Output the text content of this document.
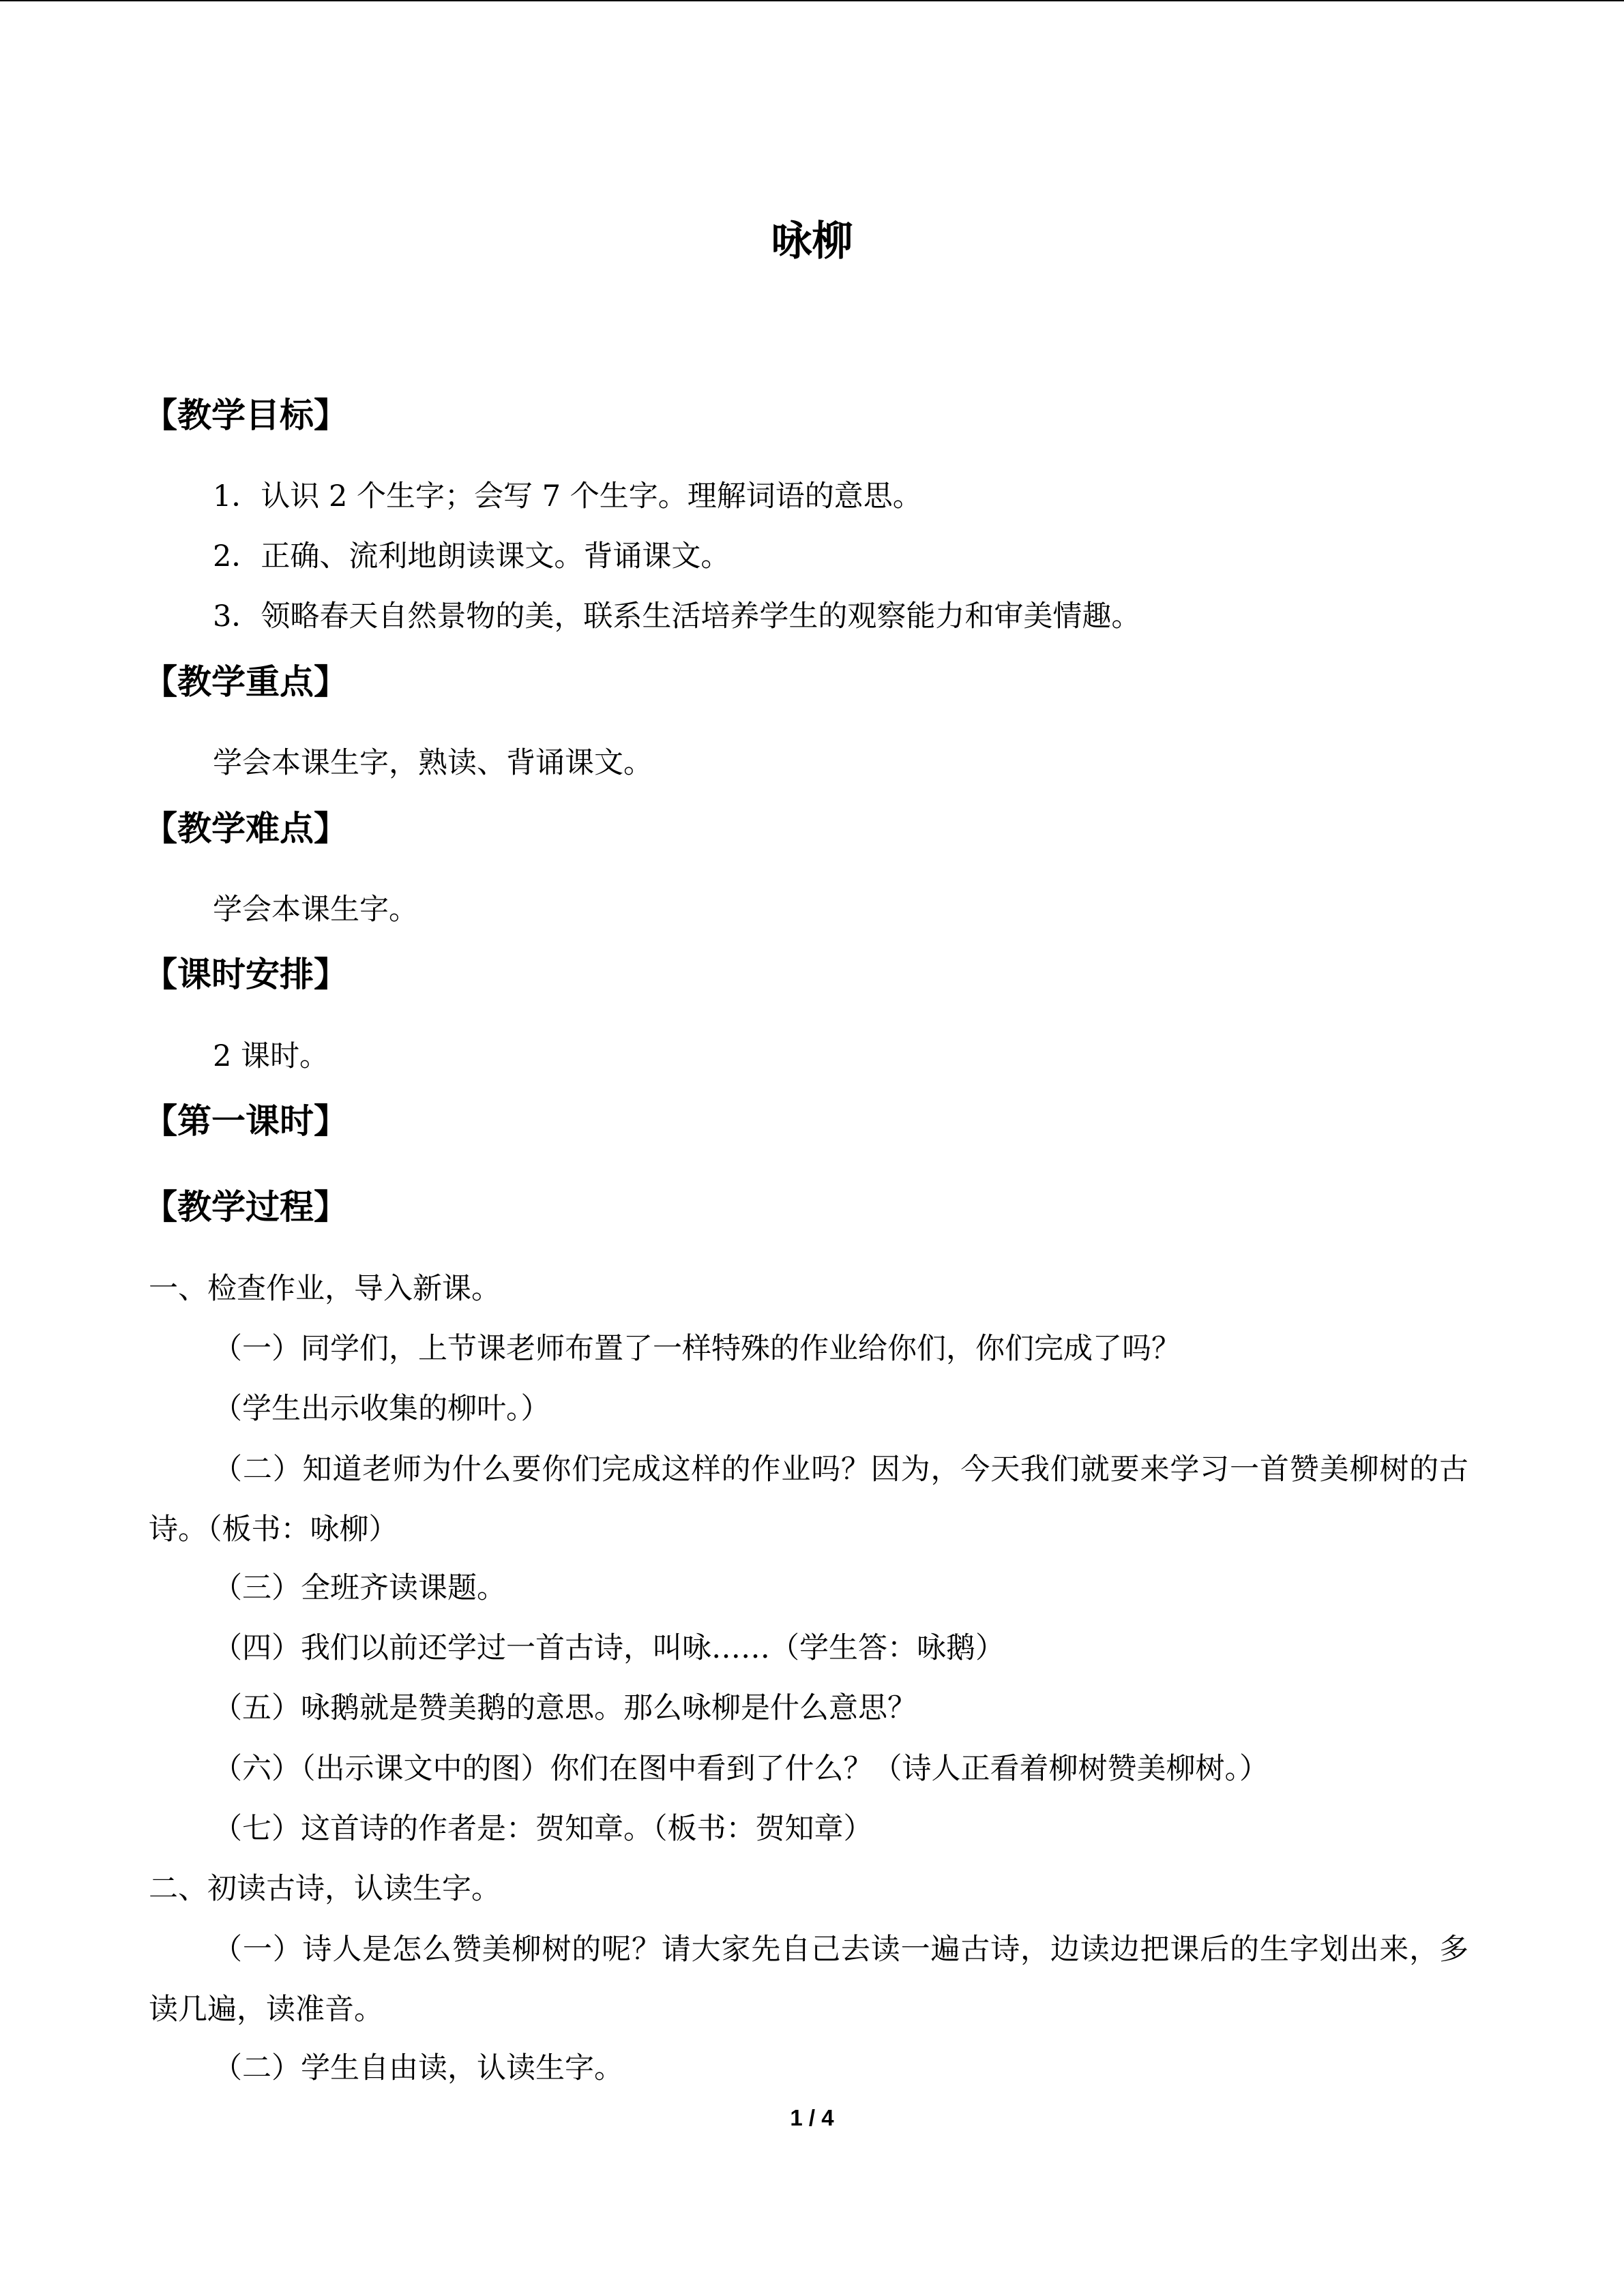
咏柳
【教学目标】
1．认识 2 个生字；会写 7 个生字。理解词语的意思。
2．正确、流利地朗读课文。背诵课文。
3．领略春天自然景物的美，联系生活培养学生的观察能力和审美情趣。
【教学重点】
学会本课生字，熟读、背诵课文。
【教学难点】
学会本课生字。
【课时安排】
2 课时。
【第一课时】
【教学过程】
一、检查作业，导入新课。
（一）同学们，上节课老师布置了一样特殊的作业给你们，你们完成了吗？
（学生出示收集的柳叶。）
（二）知道老师为什么要你们完成这样的作业吗？因为，今天我们就要来学习一首赞美柳树的古诗。（板书：咏柳）
（三）全班齐读课题。
（四）我们以前还学过一首古诗，叫咏……（学生答：咏鹅）
（五）咏鹅就是赞美鹅的意思。那么咏柳是什么意思？
（六）（出示课文中的图）你们在图中看到了什么？（诗人正看着柳树赞美柳树。）
（七）这首诗的作者是：贺知章。（板书：贺知章）
二、初读古诗，认读生字。
（一）诗人是怎么赞美柳树的呢？请大家先自己去读一遍古诗，边读边把课后的生字划出来，多读几遍，读准音。
（二）学生自由读，认读生字。
1 / 4
